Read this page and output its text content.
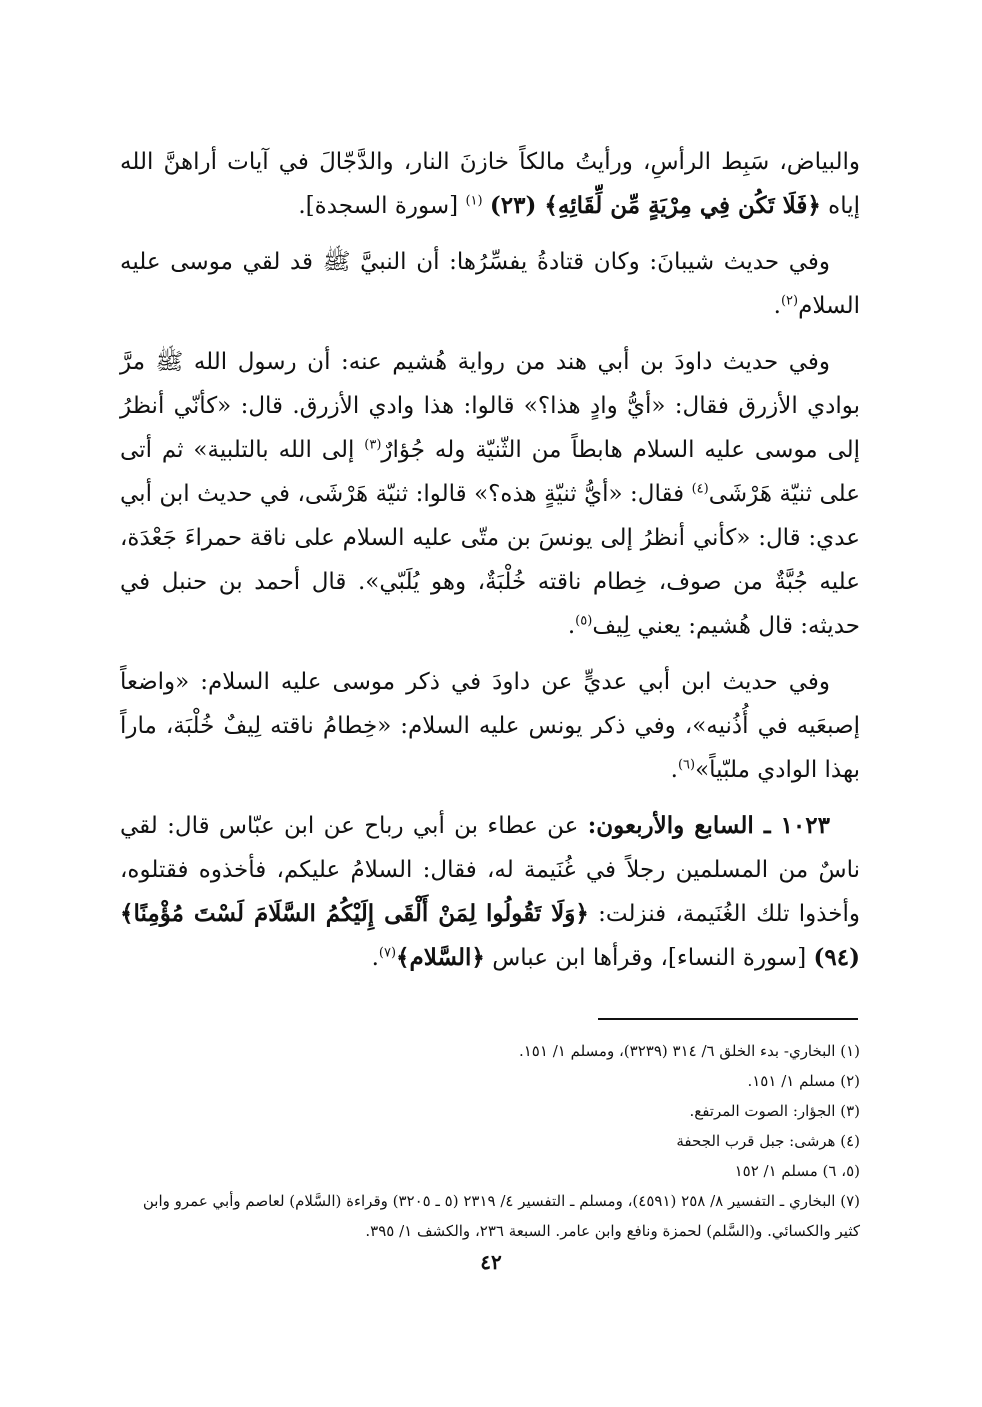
والبياض، سَبِط الرأسِ، ورأيتُ مالكاً خازنَ النار، والدَّجّالَ في آيات أراهنَّ الله إياه ﴿فَلَا تَكُن فِي مِرْيَةٍ مِّن لِّقَائِهِ﴾ (٢٣) $^{(١)}$ [سورة السجدة].

وفي حديث شيبانَ: وكان قتادةُ يفسِّرُها: أن النبيَّ ﷺ قد لقي موسى عليه السلام$^{(٢)}$.

وفي حديث داودَ بن أبي هند من رواية هُشيم عنه: أن رسول الله ﷺ مرَّ بوادي الأزرق فقال: «أيُّ وادٍ هذا؟» قالوا: هذا وادي الأزرق. قال: «كأنّي أنظرُ إلى موسى عليه السلام هابطاً من الثّنيّة وله جُؤارٌ$^{(٣)}$ إلى الله بالتلبية» ثم أتى على ثنيّة هَرْشَى$^{(٤)}$ فقال: «أيُّ ثنيّةٍ هذه؟» قالوا: ثنيّة هَرْشَى، في حديث ابن أبي عدي: قال: «كأني أنظرُ إلى يونسَ بن متّى عليه السلام على ناقة حمراءَ جَعْدَة، عليه جُبَّةٌ من صوف، خِطام ناقته خُلْبَةٌ، وهو يُلَبّي». قال أحمد بن حنبل في حديثه: قال هُشيم: يعني لِيف$^{(٥)}$.

وفي حديث ابن أبي عديٍّ عن داودَ في ذكر موسى عليه السلام: «واضعاً إصبعَيه في أُذُنيه»، وفي ذكر يونس عليه السلام: «خِطامُ ناقته لِيفٌ خُلْبَة، ماراً بهذا الوادي ملبّياً»$^{(٦)}$.

١٠٢٣ ـ السابع والأربعون: عن عطاء بن أبي رباح عن ابن عبّاس قال: لقي ناسٌ من المسلمين رجلاً في غُنَيمة له، فقال: السلامُ عليكم، فأخذوه فقتلوه، وأخذوا تلك الغُنَيمة، فنزلت: ﴿وَلَا تَقُولُوا لِمَنْ أَلْقَى إِلَيْكُمُ السَّلَامَ لَسْتَ مُؤْمِنًا﴾ (٩٤) [سورة النساء]، وقرأها ابن عباس ﴿السَّلام﴾$^{(٧)}$.

(١) البخاري- بدء الخلق ٦/ ٣١٤ (٣٢٣٩)، ومسلم ١/ ١٥١.
(٢) مسلم ١/ ١٥١.
(٣) الجؤار: الصوت المرتفع.
(٤) هرشى: جبل قرب الجحفة
(٥، ٦) مسلم ١/ ١٥٢
(٧) البخاري ـ التفسير ٨/ ٢٥٨ (٤٥٩١)، ومسلم ـ التفسير ٤/ ٢٣١٩ (٥ ـ ٣٢٠٥) وقراءة (السَّلام) لعاصم وأبي عمرو وابن كثير والكسائي. و(السَّلم) لحمزة ونافع وابن عامر. السبعة ٢٣٦، والكشف ١/ ٣٩٥.
٤٢
